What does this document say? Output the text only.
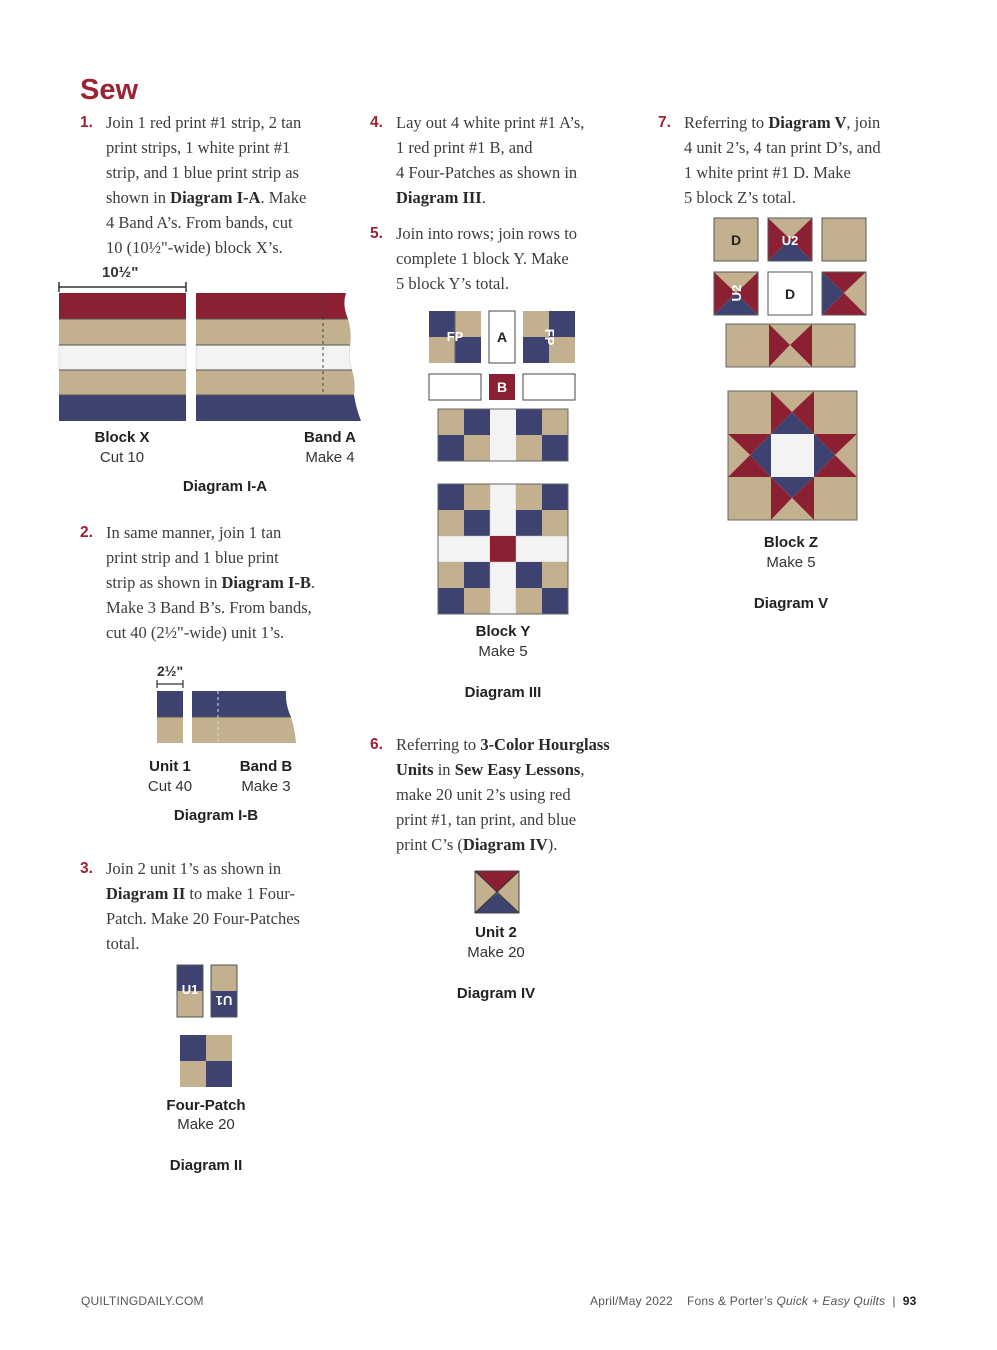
Sew
1. Join 1 red print #1 strip, 2 tan
print strips, 1 white print #1
strip, and 1 blue print strip as
shown in Diagram I-A. Make
4 Band A’s. From bands, cut
10 (10½"-wide) block X’s.
10½"
Block X
Cut 10
Band A
Make 4
Diagram I-A
2. In same manner, join 1 tan
print strip and 1 blue print
strip as shown in Diagram I-B.
Make 3 Band B’s. From bands,
cut 40 (2½"-wide) unit 1’s.
2½"
Unit 1
Cut 40
Band B
Make 3
Diagram I-B
3. Join 2 unit 1’s as shown in
Diagram II to make 1 Four-
Patch. Make 20 Four-Patches
total.
U1
U1
Four-Patch
Make 20
Diagram II
4. Lay out 4 white print #1 A’s,
1 red print #1 B, and
4 Four-Patches as shown in
Diagram III.
5. Join into rows; join rows to
complete 1 block Y. Make
5 block Y’s total.
FP A	FP
B
Block Y
Make 5
Diagram III
6. Referring to 3-Color Hourglass
Units in Sew Easy Lessons,
make 20 unit 2’s using red
print #1, tan print, and blue
print C’s (Diagram IV).
Unit 2
Make 20
Diagram IV
7. Referring to Diagram V, join
4 unit 2’s, 4 tan print D’s, and
1 white print #1 D. Make
5 block Z’s total.
D	U2
U2	D
Block Z
Make 5
Diagram V
QUILTINGDAILY.COM	April/May 2022 Fons & Porter’s Quick + Easy Quilts | 93
